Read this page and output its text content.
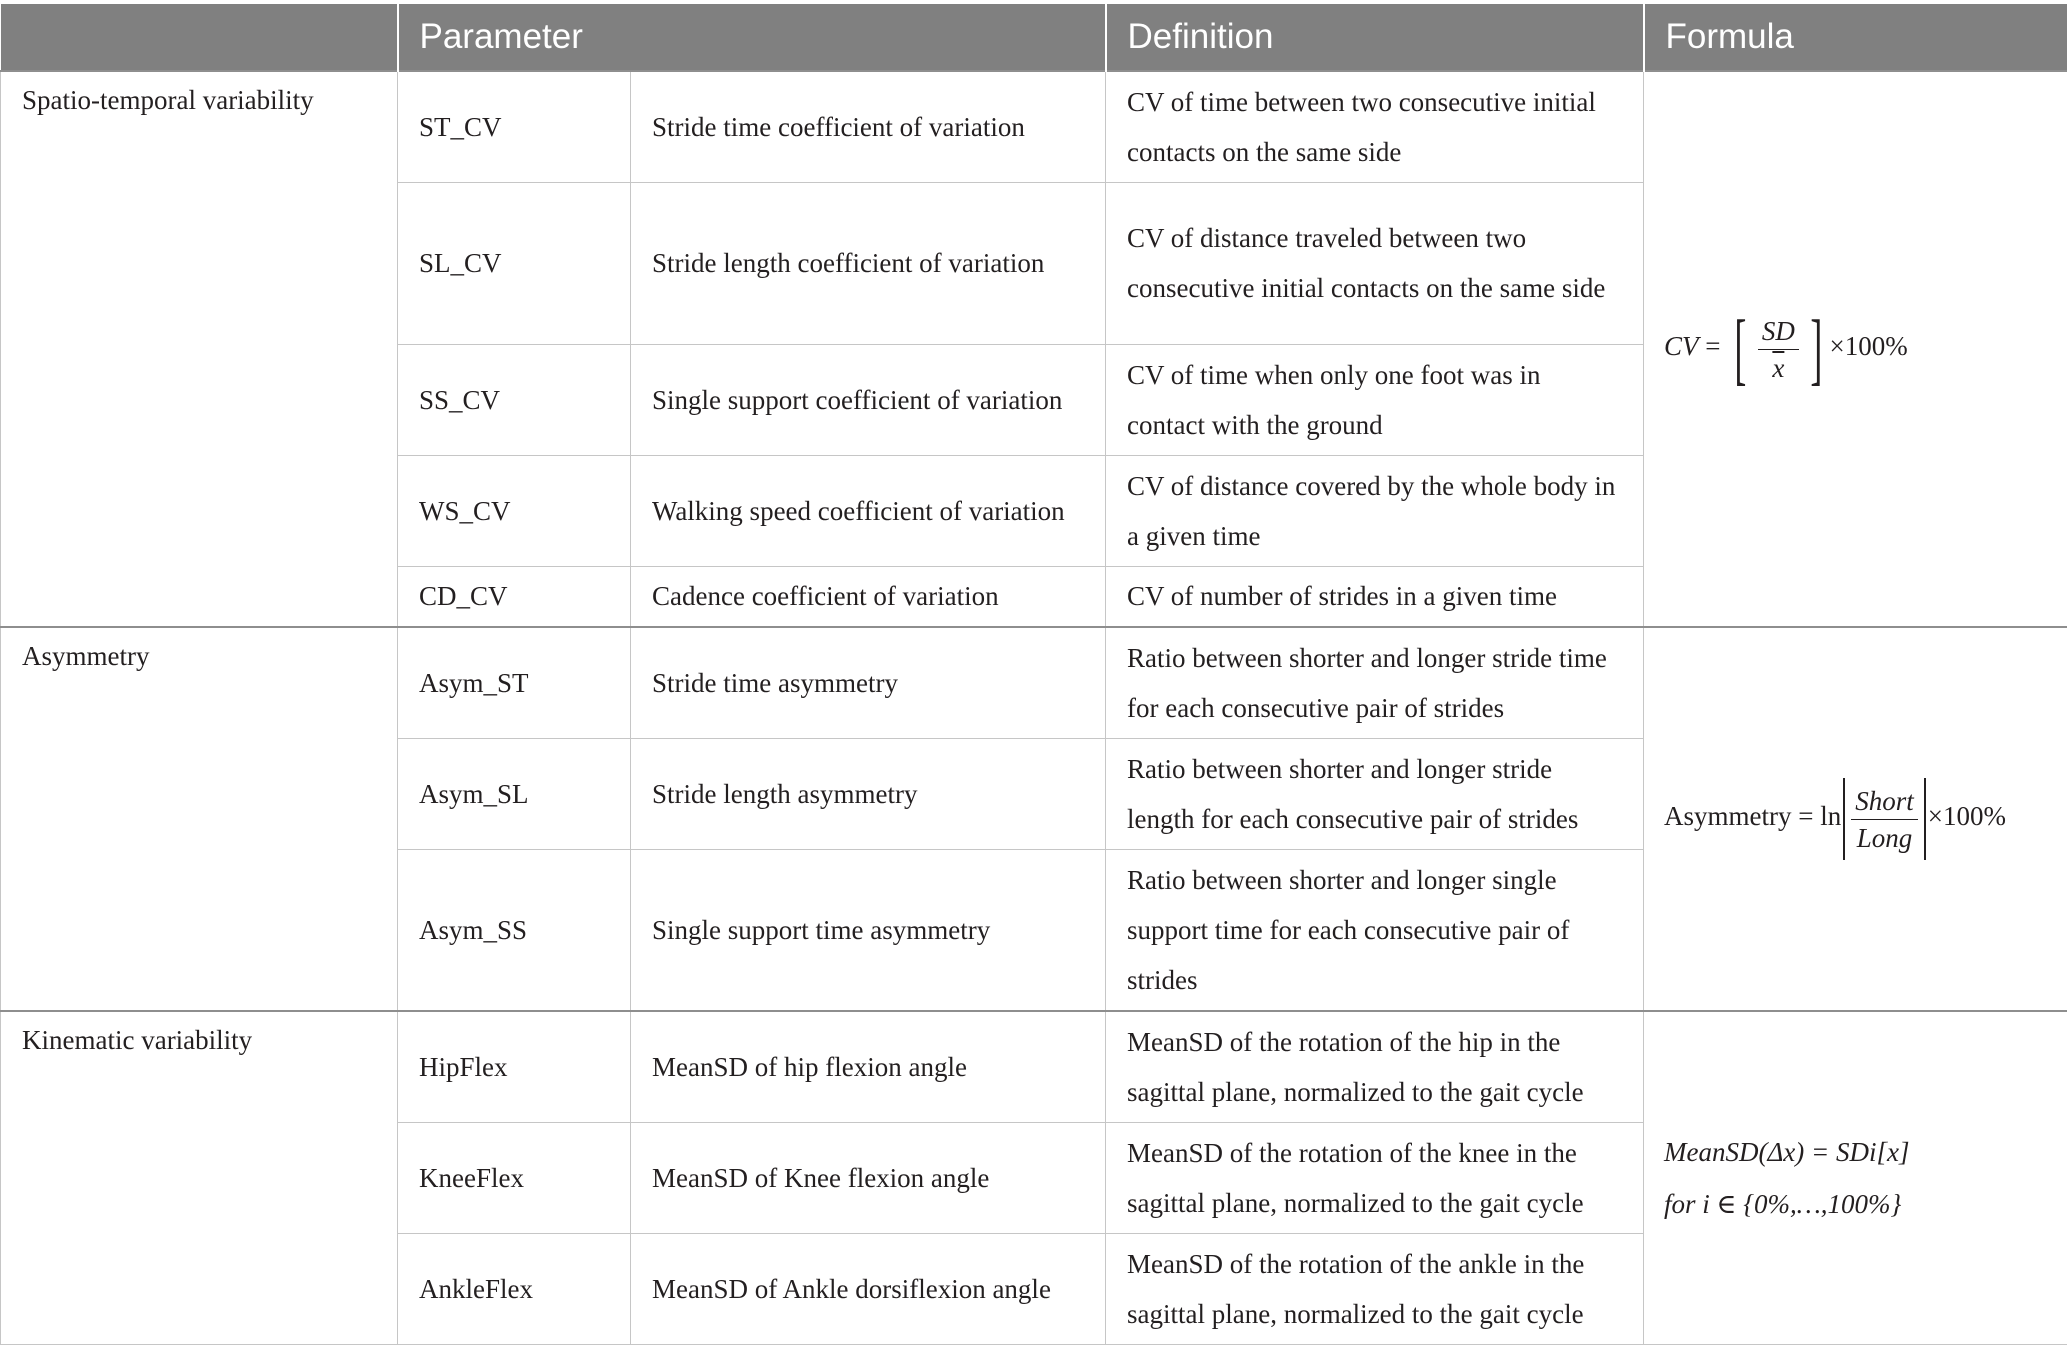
	Parameter		Definition	Formula
Spatio-temporal variability	ST_CV	Stride time coefficient of variation	CV of time between two consecutive initial contacts on the same side	CV = [ $\frac{SD}{x}$ ] ×100%
	SL_CV	Stride length coefficient of variation	CV of distance traveled between two consecutive initial contacts on the same side	
	SS_CV	Single support coefficient of variation	CV of time when only one foot was in contact with the ground	
	WS_CV	Walking speed coefficient of variation	CV of distance covered by the whole body in a given time	
	CD_CV	Cadence coefficient of variation	CV of number of strides in a given time	
Asymmetry	Asym_ST	Stride time asymmetry	Ratio between shorter and longer stride time for each consecutive pair of strides	Asymmetry = $\ln \frac{\text{Short}}{\text{Long}} \times 100\%$
	Asym_SL	Stride length asymmetry	Ratio between shorter and longer stride length for each consecutive pair of strides	
	Asym_SS	Single support time asymmetry	Ratio between shorter and longer single support time for each consecutive pair of strides	
Kinematic variability	HipFlex	MeanSD of hip flexion angle	MeanSD of the rotation of the hip in the sagittal plane, normalized to the gait cycle	MeanSD(Δx) = SDi[x]
for i ∈ {0%,…,100%}

	KneeFlex	MeanSD of Knee flexion angle	MeanSD of the rotation of the knee in the sagittal plane, normalized to the gait cycle	
	AnkleFlex	MeanSD of Ankle dorsiflexion angle	MeanSD of the rotation of the ankle in the sagittal plane, normalized to the gait cycle	
